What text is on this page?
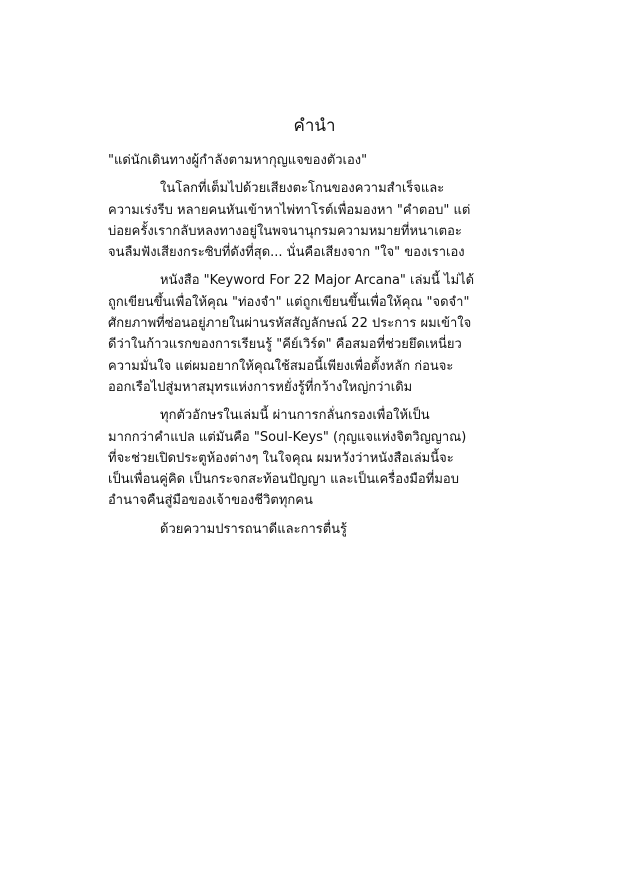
คำนำ
"แด่นักเดินทางผู้กำลังตามหากุญแจของตัวเอง"
ในโลกที่เต็มไปด้วยเสียงตะโกนของความสำเร็จและ
ความเร่งรีบ หลายคนหันเข้าหาไพ่ทาโรต์เพื่อมองหา "คำตอบ" แต่
บ่อยครั้งเรากลับหลงทางอยู่ในพจนานุกรมความหมายที่หนาเตอะ
จนลืมฟังเสียงกระซิบที่ดังที่สุด... นั่นคือเสียงจาก "ใจ" ของเราเอง
หนังสือ "Keyword For 22 Major Arcana" เล่มนี้ ไม่ได้
ถูกเขียนขึ้นเพื่อให้คุณ "ท่องจำ" แต่ถูกเขียนขึ้นเพื่อให้คุณ "จดจำ"
ศักยภาพที่ซ่อนอยู่ภายในผ่านรหัสสัญลักษณ์ 22 ประการ ผมเข้าใจ
ดีว่าในก้าวแรกของการเรียนรู้ "คีย์เวิร์ด" คือสมอที่ช่วยยึดเหนี่ยว
ความมั่นใจ แต่ผมอยากให้คุณใช้สมอนี้เพียงเพื่อตั้งหลัก ก่อนจะ
ออกเรือไปสู่มหาสมุทรแห่งการหยั่งรู้ที่กว้างใหญ่กว่าเดิม
ทุกตัวอักษรในเล่มนี้ ผ่านการกลั่นกรองเพื่อให้เป็น
มากกว่าคำแปล แต่มันคือ "Soul-Keys" (กุญแจแห่งจิตวิญญาณ)
ที่จะช่วยเปิดประตูห้องต่างๆ ในใจคุณ ผมหวังว่าหนังสือเล่มนี้จะ
เป็นเพื่อนคู่คิด เป็นกระจกสะท้อนปัญญา และเป็นเครื่องมือที่มอบ
อำนาจคืนสู่มือของเจ้าของชีวิตทุกคน
ด้วยความปรารถนาดีและการตื่นรู้
